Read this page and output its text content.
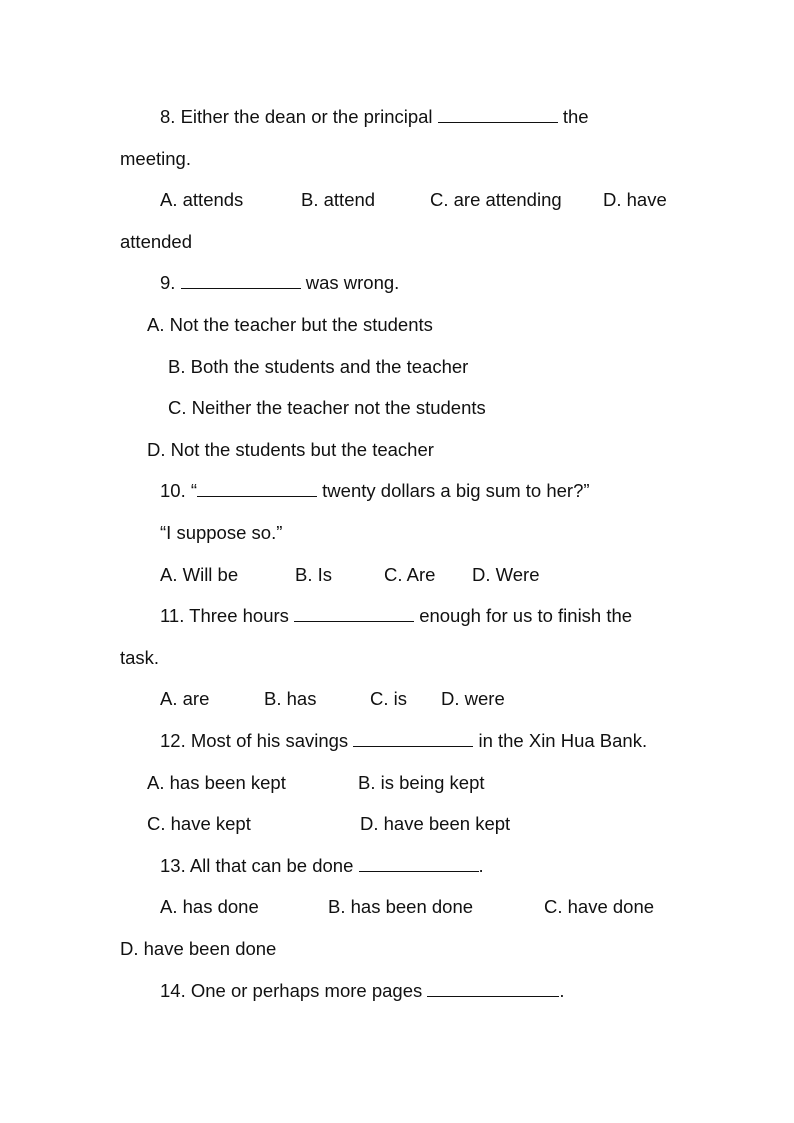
8. Either the dean or the principal	the
meeting.
A. attends	B. attend	C. are attending D. have
attended
9.	was wrong.
A. Not the teacher but the students
B. Both the students and the teacher
C. Neither the teacher not the students
D. Not the students but the teacher
10. “	twenty dollars a big sum to her?”
“I suppose so.”
A. Will be	B. Is	C. Are D. Were
11. Three hours	enough for us to finish the
task.
A. are	B. has	C. is D. were
12. Most of his savings	in the Xin Hua Bank.
A. has been kept	B. is being kept
C. have kept	D. have been kept
13. All that can be done	.
A. has done	B. has been done	C. have done
D. have been done
14. One or perhaps more pages	.
